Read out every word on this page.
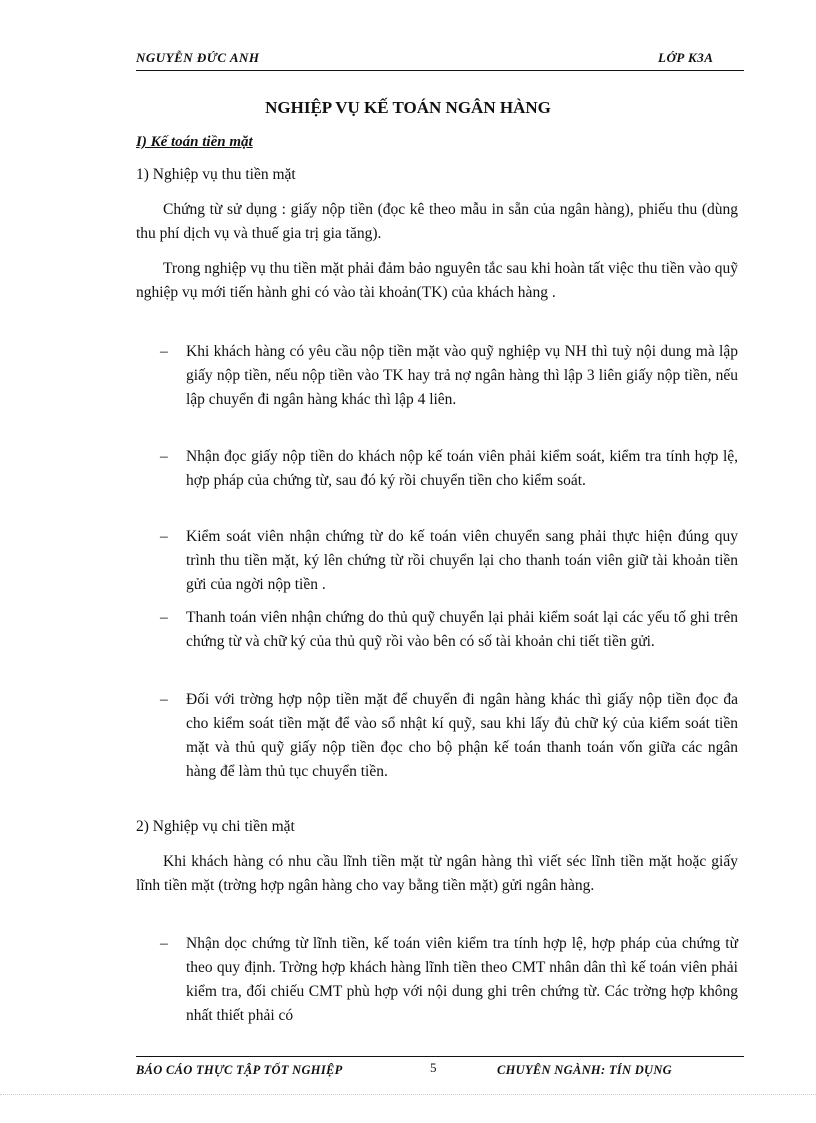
NGUYỄN ĐỨC ANH	LỚP K3A
NGHIỆP VỤ KẾ TOÁN NGÂN HÀNG
I) Kế toán tiền mặt
1) Nghiệp vụ thu tiền mặt

Chứng từ sử dụng : giấy nộp tiền (đọc kê theo mẫu in sẵn của ngân hàng), phiếu thu (dùng thu phí dịch vụ và thuế gia trị gia tăng).

Trong nghiệp vụ thu tiền mặt phải đảm bảo nguyên tắc sau khi hoàn tất việc thu tiền vào quỹ nghiệp vụ mới tiến hành ghi có vào tài khoản(TK) của khách hàng .

– Khi khách hàng có yêu cầu nộp tiền mặt vào quỹ nghiệp vụ NH thì tuỳ nội dung mà lập giấy nộp tiền, nếu nộp tiền vào TK hay trả nợ ngân hàng thì lập 3 liên giấy nộp tiền, nếu lập chuyển đi ngân hàng khác thì lập 4 liên.
– Nhận đọc giấy nộp tiền do khách nộp kế toán viên phải kiểm soát, kiểm tra tính hợp lệ, hợp pháp của chứng từ, sau đó ký rồi chuyển tiền cho kiểm soát.
– Kiểm soát viên nhận chứng từ do kế toán viên chuyển sang phải thực hiện đúng quy trình thu tiền mặt, ký lên chứng từ rồi chuyển lại cho thanh toán viên giữ tài khoản tiền gửi của ngời nộp tiền .
– Thanh toán viên nhận chứng do thủ quỹ chuyển lại phải kiểm soát lại các yếu tố ghi trên chứng từ và chữ ký của thủ quỹ rồi vào bên có số tài khoản chi tiết tiền gửi.
– Đối với trờng hợp nộp tiền mặt để chuyển đi ngân hàng khác thì giấy nộp tiền đọc đa cho kiểm soát tiền mặt để vào sổ nhật kí quỹ, sau khi lấy đủ chữ ký của kiểm soát tiền mặt và thủ quỹ giấy nộp tiền đọc cho bộ phận kế toán thanh toán vốn giữa các ngân hàng để làm thủ tục chuyển tiền.
2) Nghiệp vụ chi tiền mặt

Khi khách hàng có nhu cầu lĩnh tiền mặt từ ngân hàng thì viết séc lĩnh tiền mặt hoặc giấy lĩnh tiền mặt (trờng hợp ngân hàng cho vay bằng tiền mặt) gửi ngân hàng.

– Nhận dọc chứng từ lĩnh tiền, kế toán viên kiểm tra tính hợp lệ, hợp pháp của chứng từ theo quy định. Trờng hợp khách hàng lĩnh tiền theo CMT nhân dân thì kế toán viên phải kiểm tra, đối chiếu CMT phù hợp với nội dung ghi trên chứng từ. Các trờng hợp không nhất thiết phải có
BÁO CÁO THỰC TẬP TỐT NGHIỆP	5	CHUYÊN NGÀNH: TÍN DỤNG
